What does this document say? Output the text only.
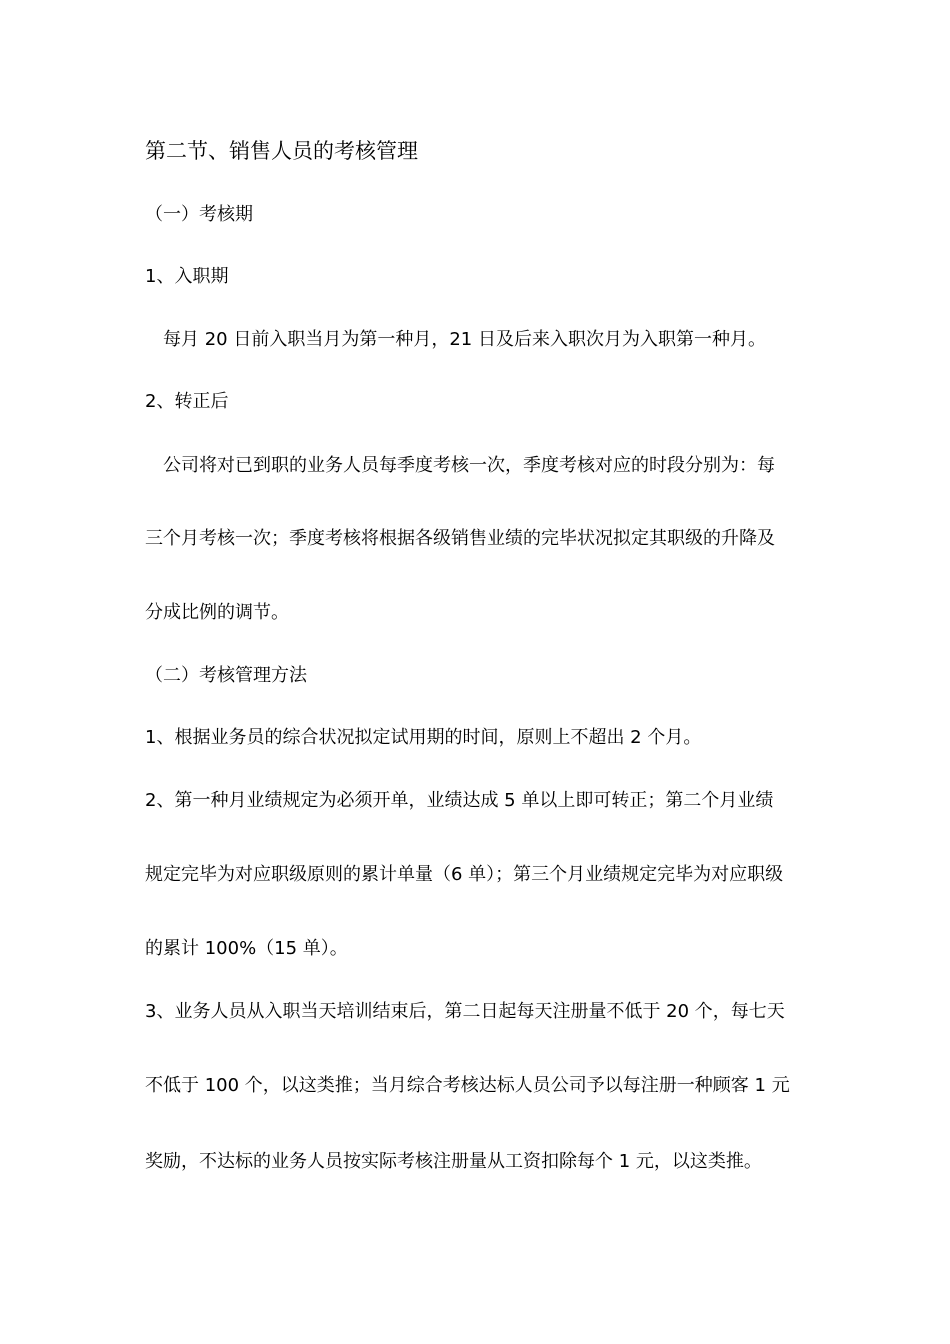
第二节、销售人员的考核管理
（一）考核期
1、入职期
每月 20 日前入职当月为第一种月，21 日及后来入职次月为入职第一种月。
2、转正后
公司将对已到职的业务人员每季度考核一次，季度考核对应的时段分别为：每
三个月考核一次；季度考核将根据各级销售业绩的完毕状况拟定其职级的升降及
分成比例的调节。
（二）考核管理方法
1、根据业务员的综合状况拟定试用期的时间，原则上不超出 2 个月。
2、第一种月业绩规定为必须开单，业绩达成 5 单以上即可转正；第二个月业绩
规定完毕为对应职级原则的累计单量（6 单）；第三个月业绩规定完毕为对应职级
的累计 100%（15 单）。
3、业务人员从入职当天培训结束后，第二日起每天注册量不低于 20 个，每七天
不低于 100 个，以这类推；当月综合考核达标人员公司予以每注册一种顾客 1 元
奖励，不达标的业务人员按实际考核注册量从工资扣除每个 1 元，以这类推。
